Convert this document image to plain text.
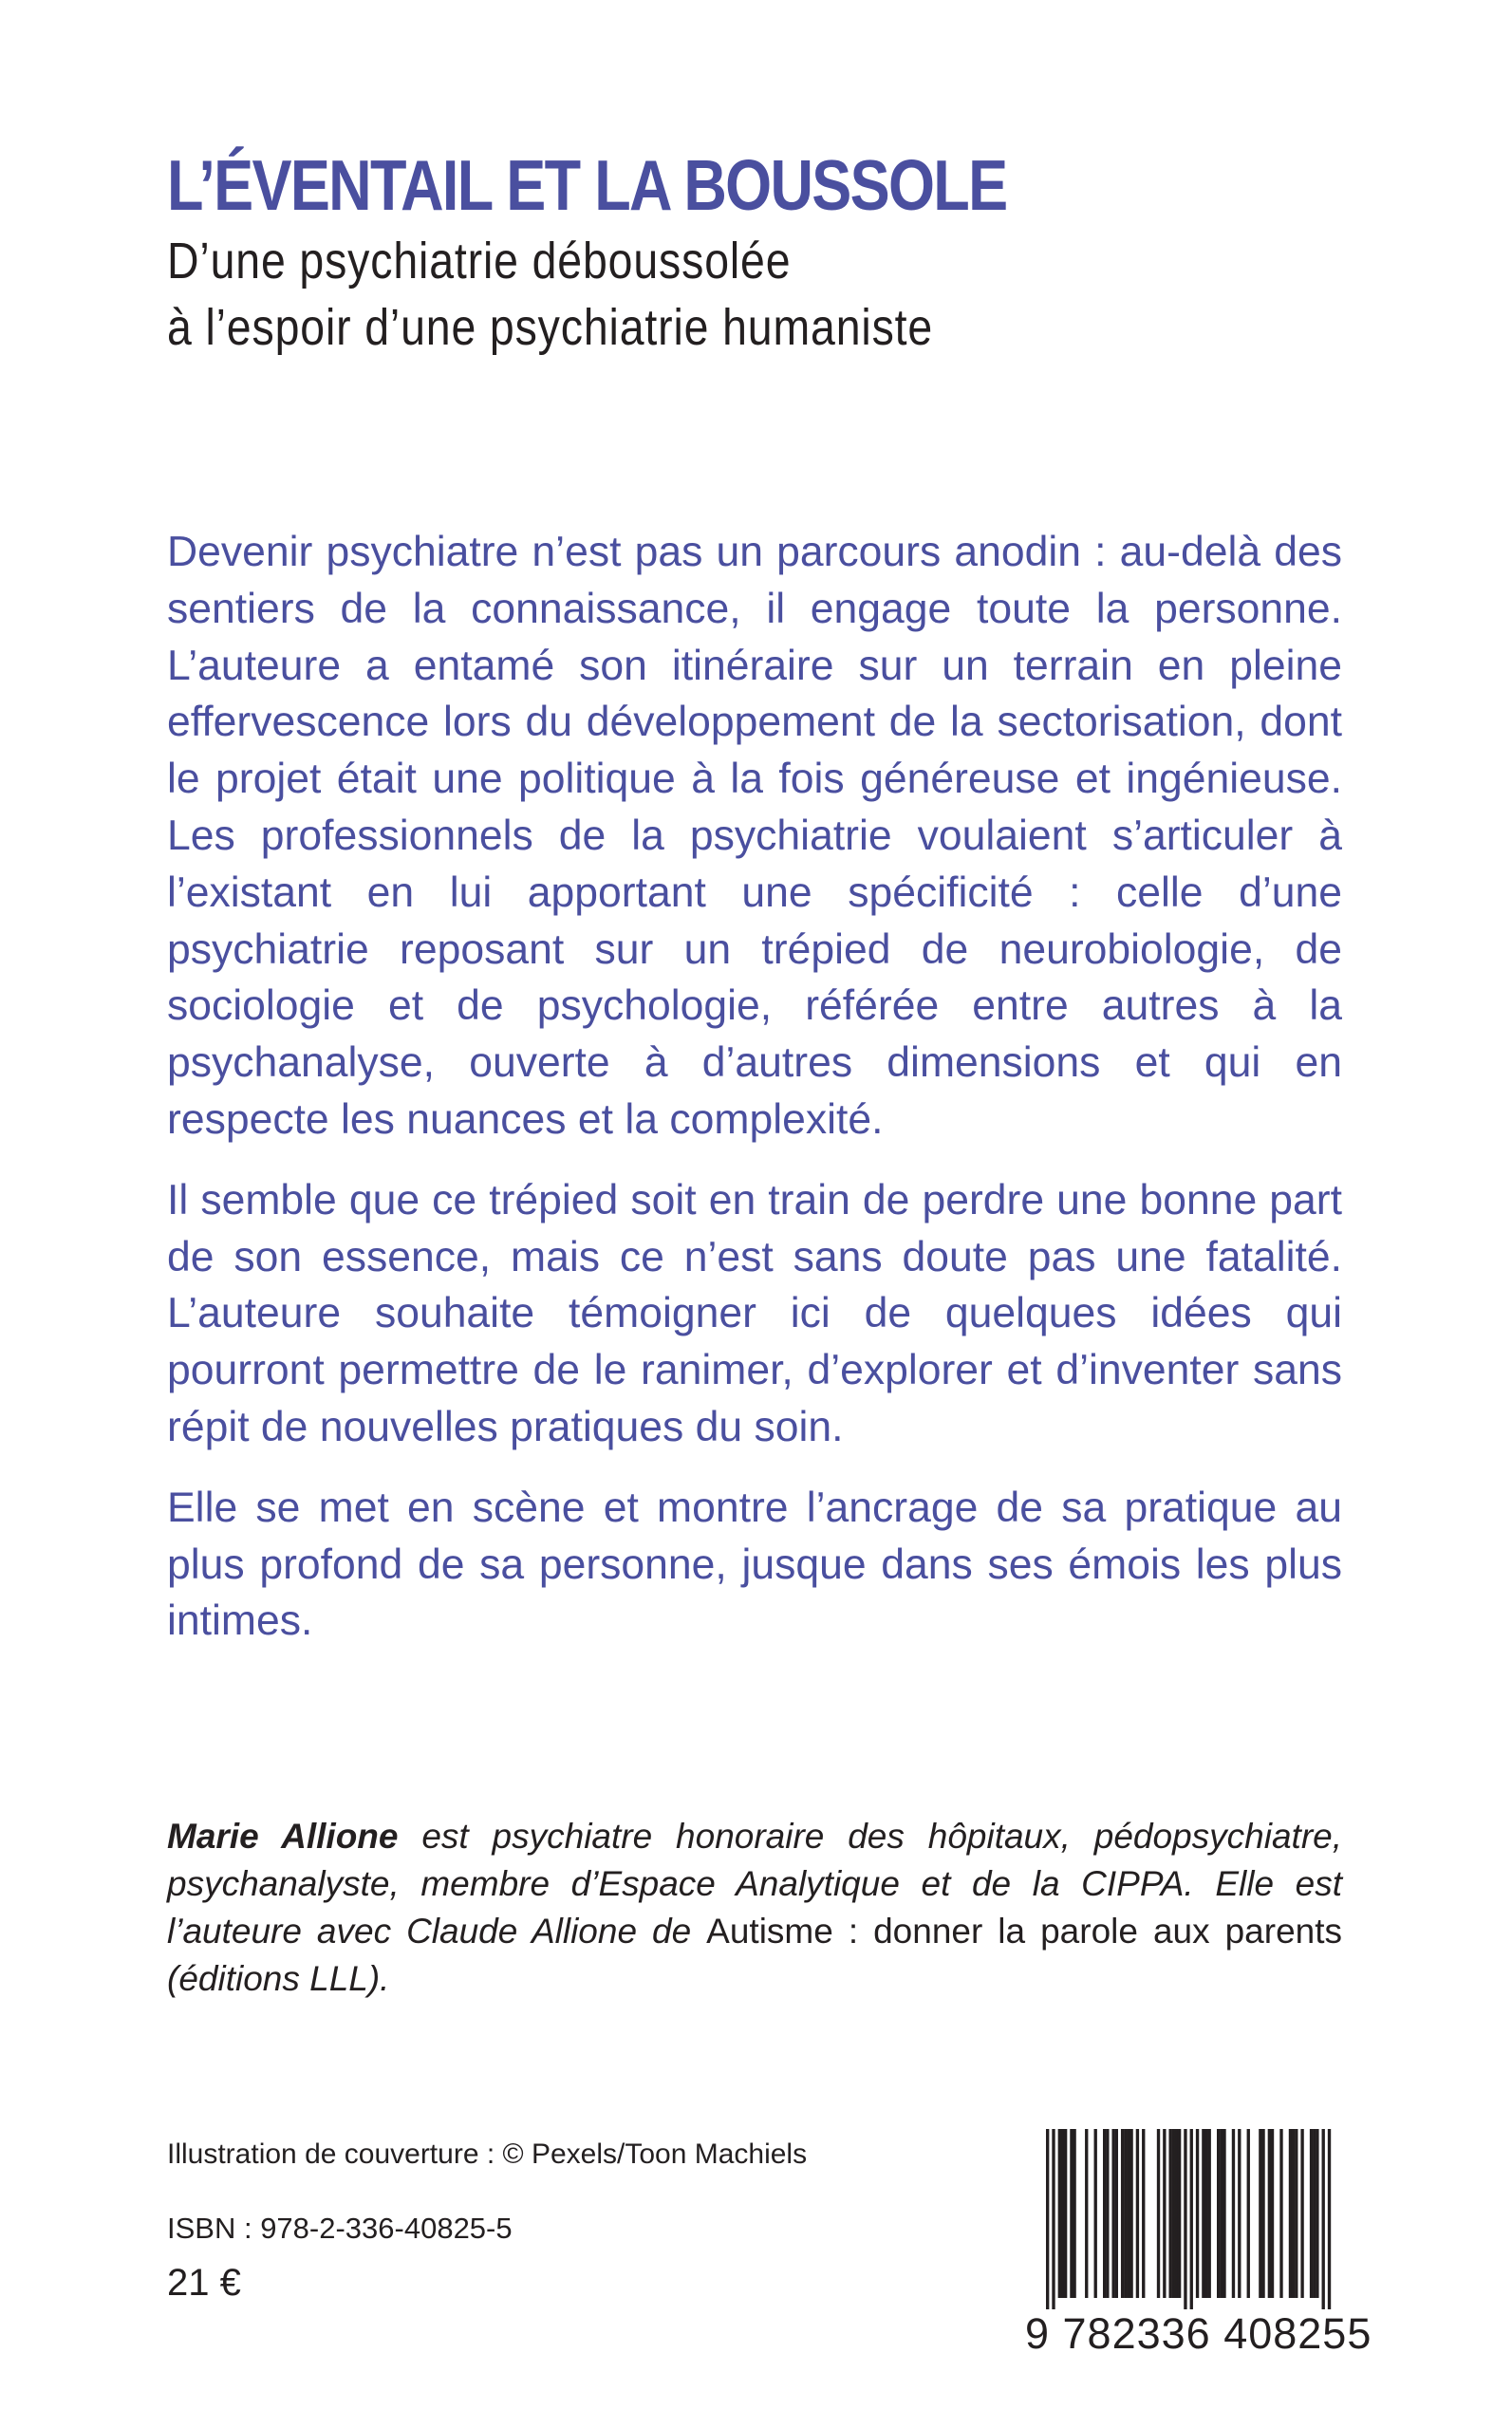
L’ÉVENTAIL ET LA BOUSSOLE
D’une psychiatrie déboussolée
à l’espoir d’une psychiatrie humaniste

Devenir psychiatre n’est pas un parcours anodin : au-delà des sentiers de la connaissance, il engage toute la personne. L’auteure a entamé son itinéraire sur un terrain en pleine effervescence lors du développement de la sectorisation, dont le projet était une politique à la fois généreuse et ingénieuse. Les professionnels de la psychiatrie voulaient s’articuler à l’existant en lui apportant une spécificité : celle d’une psychiatrie reposant sur un trépied de neurobiologie, de sociologie et de psychologie, référée entre autres à la psychanalyse, ouverte à d’autres dimensions et qui en respecte les nuances et la complexité.

Il semble que ce trépied soit en train de perdre une bonne part de son essence, mais ce n’est sans doute pas une fatalité. L’auteure souhaite témoigner ici de quelques idées qui pourront permettre de le ranimer, d’explorer et d’inventer sans répit de nouvelles pratiques du soin.

Elle se met en scène et montre l’ancrage de sa pratique au plus profond de sa personne, jusque dans ses émois les plus intimes.

Marie Allione est psychiatre honoraire des hôpitaux, pédopsychiatre, psychanalyste, membre d’Espace Analytique et de la CIPPA. Elle est l’auteure avec Claude Allione de Autisme : donner la parole aux parents (éditions LLL).

Illustration de couverture : © Pexels/Toon Machiels
ISBN : 978-2-336-40825-5
21 €
9 782336 408255
